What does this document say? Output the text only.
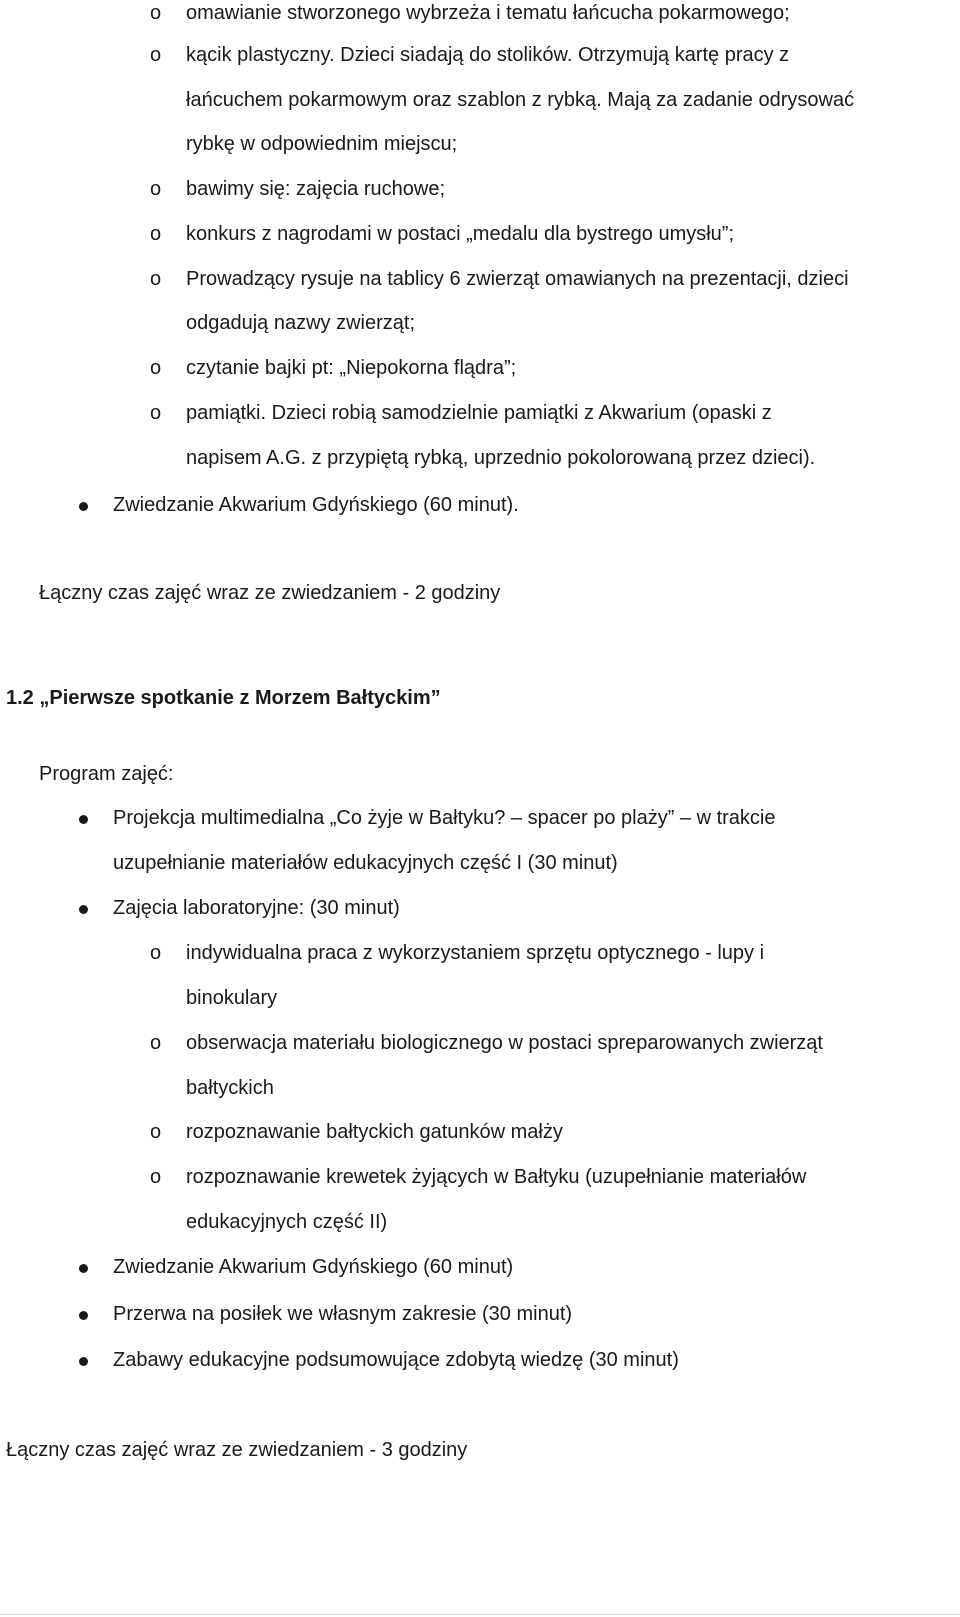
o omawianie stworzonego wybrzeża i tematu łańcucha pokarmowego;
o kącik plastyczny. Dzieci siadają do stolików. Otrzymują kartę pracy z
łańcuchem pokarmowym oraz szablon z rybką. Mają za zadanie odrysować
rybkę w odpowiednim miejscu;
o bawimy się: zajęcia ruchowe;
o konkurs z nagrodami w postaci „medalu dla bystrego umysłu”;
o Prowadzący rysuje na tablicy 6 zwierząt omawianych na prezentacji, dzieci
odgadują nazwy zwierząt;
o czytanie bajki pt: „Niepokorna flądra”;
o pamiątki. Dzieci robią samodzielnie pamiątki z Akwarium (opaski z
napisem A.G. z przypiętą rybką, uprzednio pokolorowaną przez dzieci).
Zwiedzanie Akwarium Gdyńskiego (60 minut).
Łączny czas zajęć wraz ze zwiedzaniem - 2 godziny
1.2 „Pierwsze spotkanie z Morzem Bałtyckim”
Program zajęć:
Projekcja multimedialna „Co żyje w Bałtyku? – spacer po plaży” – w trakcie
uzupełnianie materiałów edukacyjnych część I (30 minut)
Zajęcia laboratoryjne: (30 minut)
o indywidualna praca z wykorzystaniem sprzętu optycznego - lupy i
binokulary
o obserwacja materiału biologicznego w postaci spreparowanych zwierząt
bałtyckich
o rozpoznawanie bałtyckich gatunków małży
o rozpoznawanie krewetek żyjących w Bałtyku (uzupełnianie materiałów
edukacyjnych część II)
Zwiedzanie Akwarium Gdyńskiego (60 minut)
Przerwa na posiłek we własnym zakresie (30 minut)
Zabawy edukacyjne podsumowujące zdobytą wiedzę (30 minut)
Łączny czas zajęć wraz ze zwiedzaniem - 3 godziny
